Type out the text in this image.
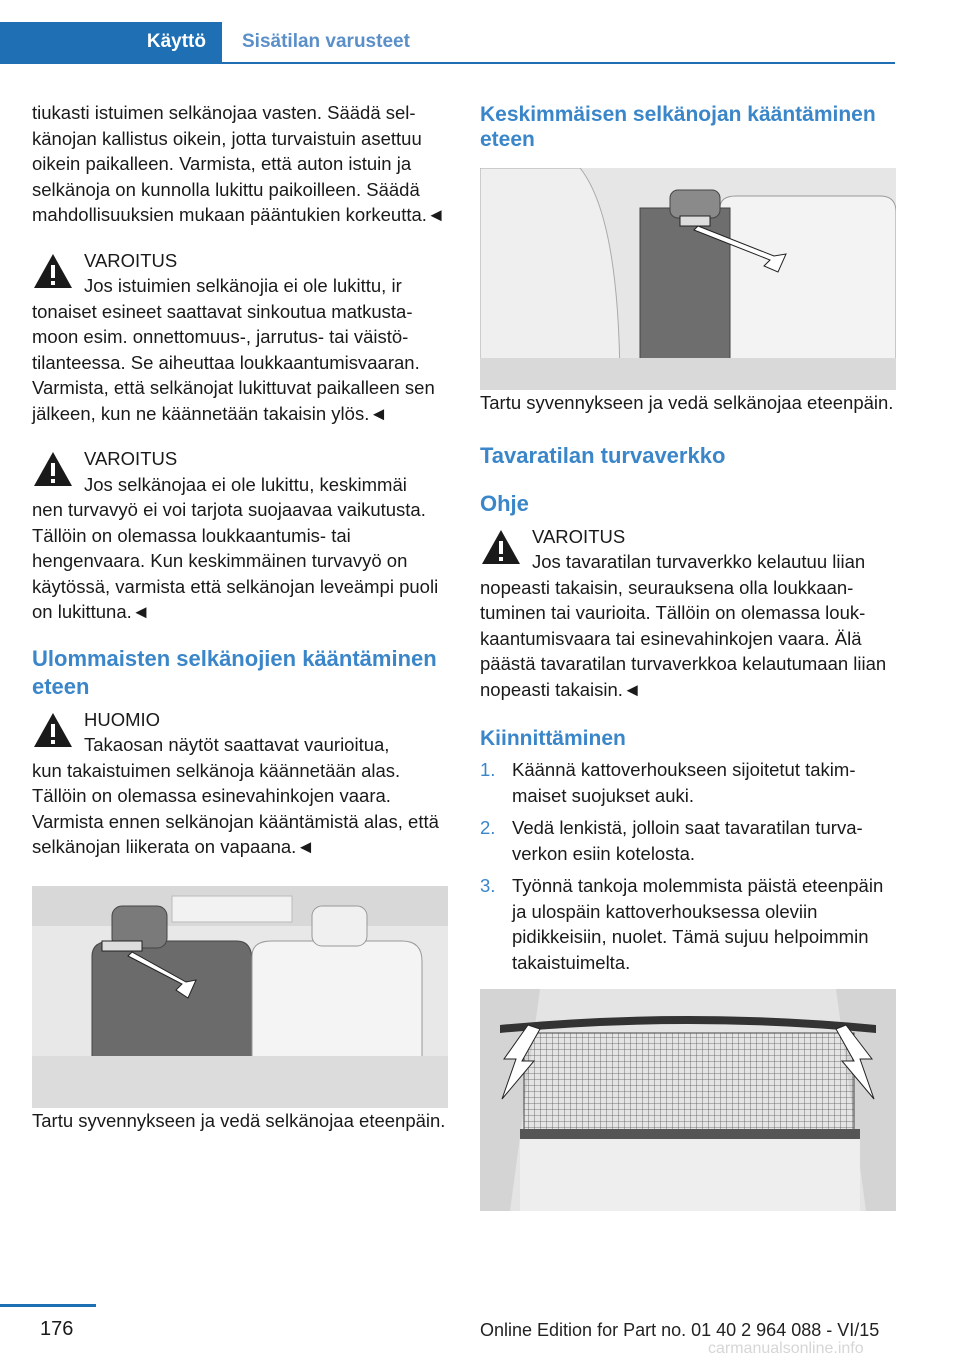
Käyttö	Sisätilan varusteet

tiukasti istuimen selkänojaa vasten. Säädä selkänojan kallistus oikein, jotta turvaistuin asettuu oikein paikalleen. Varmista, että auton istuin ja selkänoja on kunnolla lukittu paikoilleen. Säädä mahdollisuuksien mukaan pääntukien korkeutta.◄

VAROITUS

Jos istuimien selkänojia ei ole lukittu, ir

tonaiset esineet saattavat sinkoutua matkustamoon esim. onnettomuus-, jarrutus- tai väistötilanteessa. Se aiheuttaa loukkaantumisvaaran. Varmista, että selkänojat lukittuvat paikalleen sen jälkeen, kun ne käännetään takaisin ylös.◄

VAROITUS

Jos selkänojaa ei ole lukittu, keskimmäi

nen turvavyö ei voi tarjota suojaavaa vaikutusta. Tällöin on olemassa loukkaantumis- tai hengenvaara. Kun keskimmäinen turvavyö on käytössä, varmista että selkänojan leveämpi puoli on lukittuna.◄

Ulommaisten selkänojien kääntäminen eteen

HUOMIO

Takaosan näytöt saattavat vaurioitua,

kun takaistuimen selkänoja käännetään alas. Tällöin on olemassa esinevahinkojen vaara. Varmista ennen selkänojan kääntämistä alas, että selkänojan liikerata on vapaana.◄

Tartu syvennykseen ja vedä selkänojaa eteenpäin.

Keskimmäisen selkänojan kääntäminen eteen

Tartu syvennykseen ja vedä selkänojaa eteenpäin.

Tavaratilan turvaverkko
Ohje

VAROITUS

Jos tavaratilan turvaverkko kelautuu liian

nopeasti takaisin, seurauksena olla loukkaantuminen tai vaurioita. Tällöin on olemassa loukkaantumisvaara tai esinevahinkojen vaara. Älä päästä tavaratilan turvaverkkoa kelautumaan liian nopeasti takaisin.◄

Kiinnittäminen
1. Käännä kattoverhoukseen sijoitetut takimmaiset suojukset auki.
2. Vedä lenkistä, jolloin saat tavaratilan turvaverkon esiin kotelosta.
3. Työnnä tankoja molemmista päistä eteenpäin ja ulospäin kattoverhouksessa oleviin pidikkeisiin, nuolet. Tämä sujuu helpoimmin takaistuimelta.
176	Online Edition for Part no. 01 40 2 964 088 - VI/15
carmanualsonline.info
